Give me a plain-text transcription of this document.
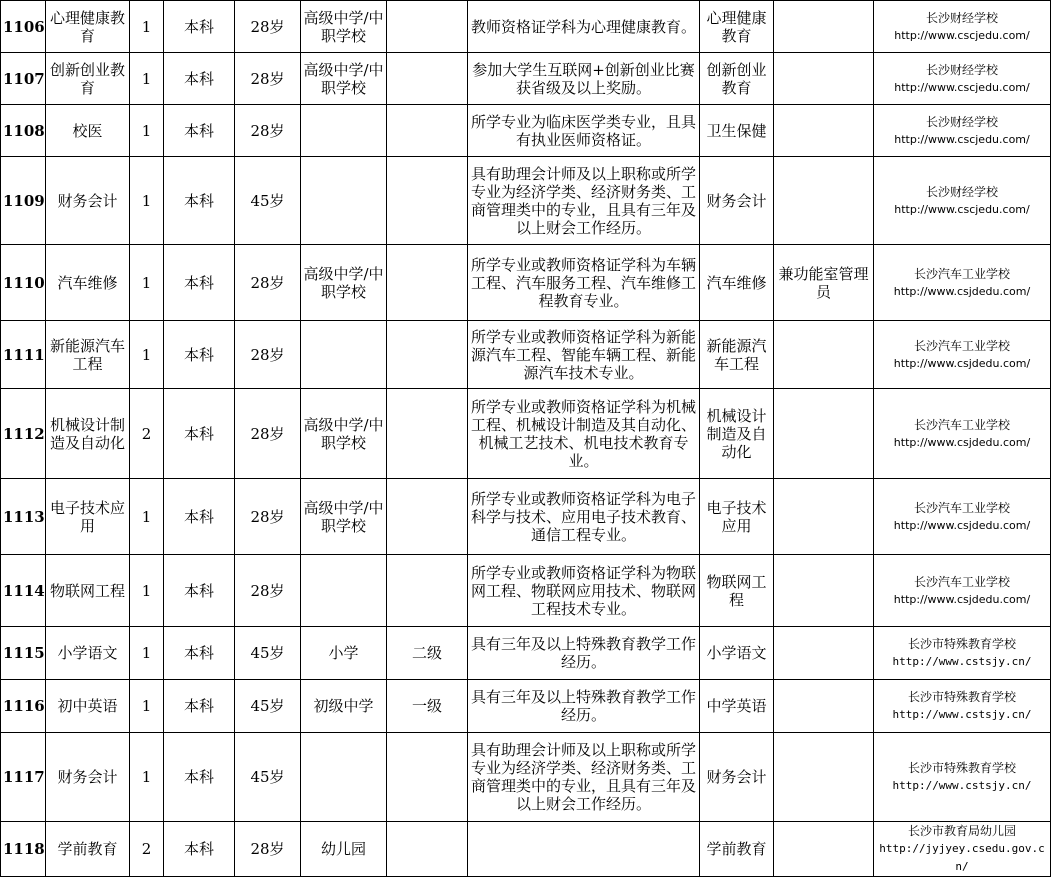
1106	心理健康教育	1	本科	28岁	高级中学/中职学校		教师资格证学科为心理健康教育。	心理健康教育		长沙财经学校
http://www.cscjedu.com/

1107	创新创业教育	1	本科	28岁	高级中学/中职学校		参加大学生互联网+创新创业比赛获省级及以上奖励。	创新创业教育		长沙财经学校
http://www.cscjedu.com/

1108	校医	1	本科	28岁			所学专业为临床医学类专业，且具有执业医师资格证。	卫生保健		长沙财经学校
http://www.cscjedu.com/

1109	财务会计	1	本科	45岁			具有助理会计师及以上职称或所学专业为经济学类、经济财务类、工商管理类中的专业，且具有三年及以上财会工作经历。	财务会计		长沙财经学校
http://www.cscjedu.com/

1110	汽车维修	1	本科	28岁	高级中学/中职学校		所学专业或教师资格证学科为车辆工程、汽车服务工程、汽车维修工程教育专业。	汽车维修	兼功能室管理员	长沙汽车工业学校
http://www.csjdedu.com/

1111	新能源汽车工程	1	本科	28岁			所学专业或教师资格证学科为新能源汽车工程、智能车辆工程、新能源汽车技术专业。	新能源汽车工程		长沙汽车工业学校
http://www.csjdedu.com/

1112	机械设计制造及自动化	2	本科	28岁	高级中学/中职学校		所学专业或教师资格证学科为机械工程、机械设计制造及其自动化、机械工艺技术、机电技术教育专业。	机械设计制造及自动化		长沙汽车工业学校
http://www.csjdedu.com/

1113	电子技术应用	1	本科	28岁	高级中学/中职学校		所学专业或教师资格证学科为电子科学与技术、应用电子技术教育、通信工程专业。	电子技术应用		长沙汽车工业学校
http://www.csjdedu.com/

1114	物联网工程	1	本科	28岁			所学专业或教师资格证学科为物联网工程、物联网应用技术、物联网工程技术专业。	物联网工程		长沙汽车工业学校
http://www.csjdedu.com/

1115	小学语文	1	本科	45岁	小学	二级	具有三年及以上特殊教育教学工作经历。	小学语文		长沙市特殊教育学校
http://www.cstsjy.cn/

1116	初中英语	1	本科	45岁	初级中学	一级	具有三年及以上特殊教育教学工作经历。	中学英语		长沙市特殊教育学校
http://www.cstsjy.cn/

1117	财务会计	1	本科	45岁			具有助理会计师及以上职称或所学专业为经济学类、经济财务类、工商管理类中的专业，且具有三年及以上财会工作经历。	财务会计		长沙市特殊教育学校
http://www.cstsjy.cn/

1118	学前教育	2	本科	28岁	幼儿园			学前教育		长沙市教育局幼儿园
http://jyjyey.csedu.gov.cn/
